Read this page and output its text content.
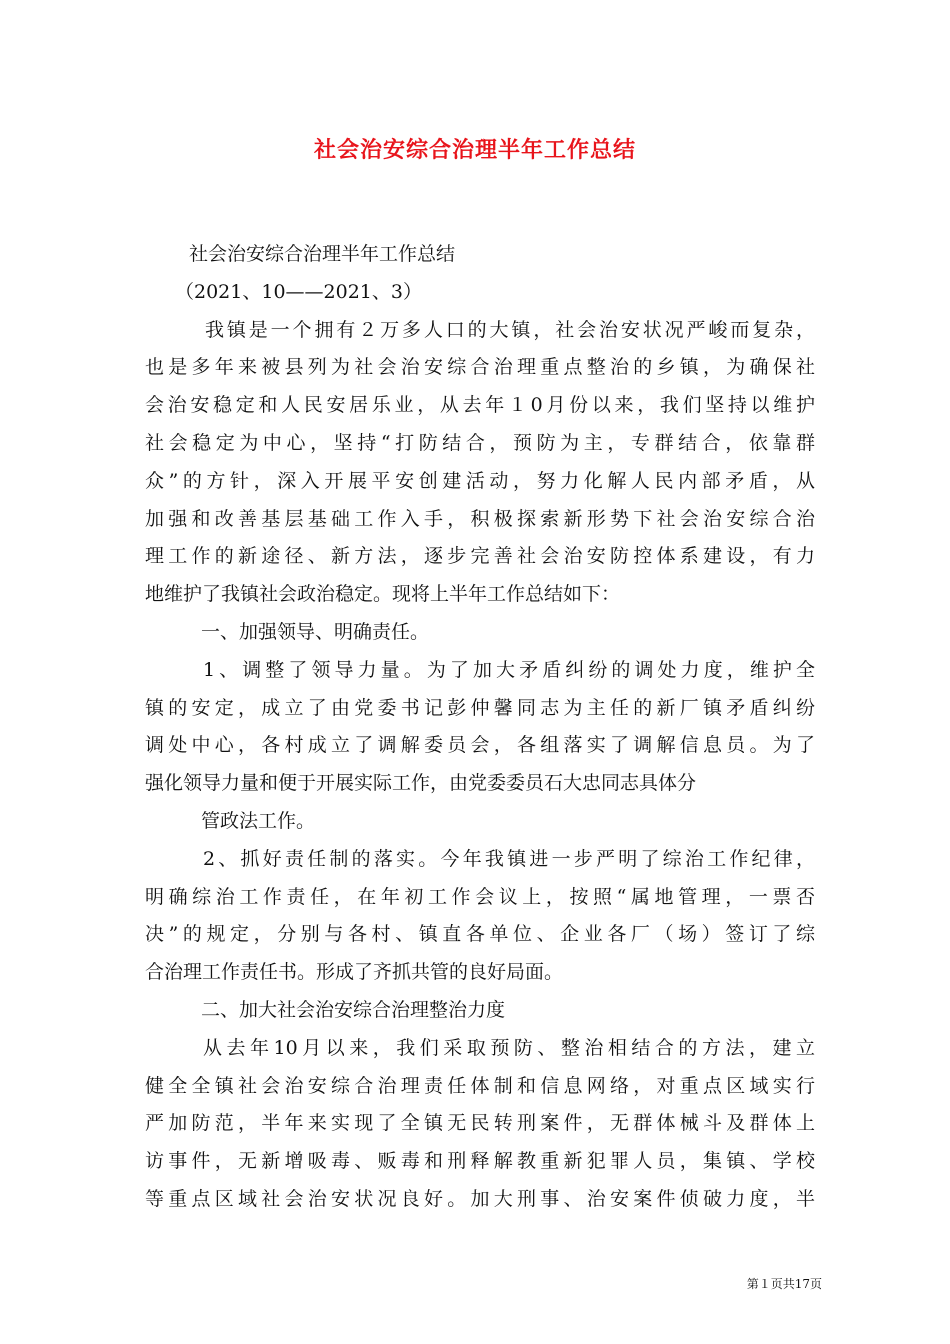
社会治安综合治理半年工作总结
社会治安综合治理半年工作总结
（2021、10——2021、3）
我镇是一个拥有２万多人口的大镇，社会治安状况严峻而复杂，
也是多年来被县列为社会治安综合治理重点整治的乡镇，为确保社
会治安稳定和人民安居乐业，从去年１0月份以来，我们坚持以维护
社会稳定为中心，坚持“打防结合，预防为主，专群结合，依靠群
众”的方针，深入开展平安创建活动，努力化解人民内部矛盾，从
加强和改善基层基础工作入手，积极探索新形势下社会治安综合治
理工作的新途径、新方法，逐步完善社会治安防控体系建设，有力
地维护了我镇社会政治稳定。现将上半年工作总结如下：
一、加强领导、明确责任。
1、调整了领导力量。为了加大矛盾纠纷的调处力度，维护全
镇的安定，成立了由党委书记彭仲馨同志为主任的新厂镇矛盾纠纷
调处中心，各村成立了调解委员会，各组落实了调解信息员。为了
强化领导力量和便于开展实际工作，由党委委员石大忠同志具体分
管政法工作。
2、抓好责任制的落实。今年我镇进一步严明了综治工作纪律，
明确综治工作责任，在年初工作会议上，按照“属地管理，一票否
决”的规定，分别与各村、镇直各单位、企业各厂（场）签订了综
合治理工作责任书。形成了齐抓共管的良好局面。
二、加大社会治安综合治理整治力度
从去年10月以来，我们采取预防、整治相结合的方法，建立
健全全镇社会治安综合治理责任体制和信息网络，对重点区域实行
严加防范，半年来实现了全镇无民转刑案件，无群体械斗及群体上
访事件，无新增吸毒、贩毒和刑释解教重新犯罪人员，集镇、学校
等重点区域社会治安状况良好。加大刑事、治安案件侦破力度，半
第１页共17页
